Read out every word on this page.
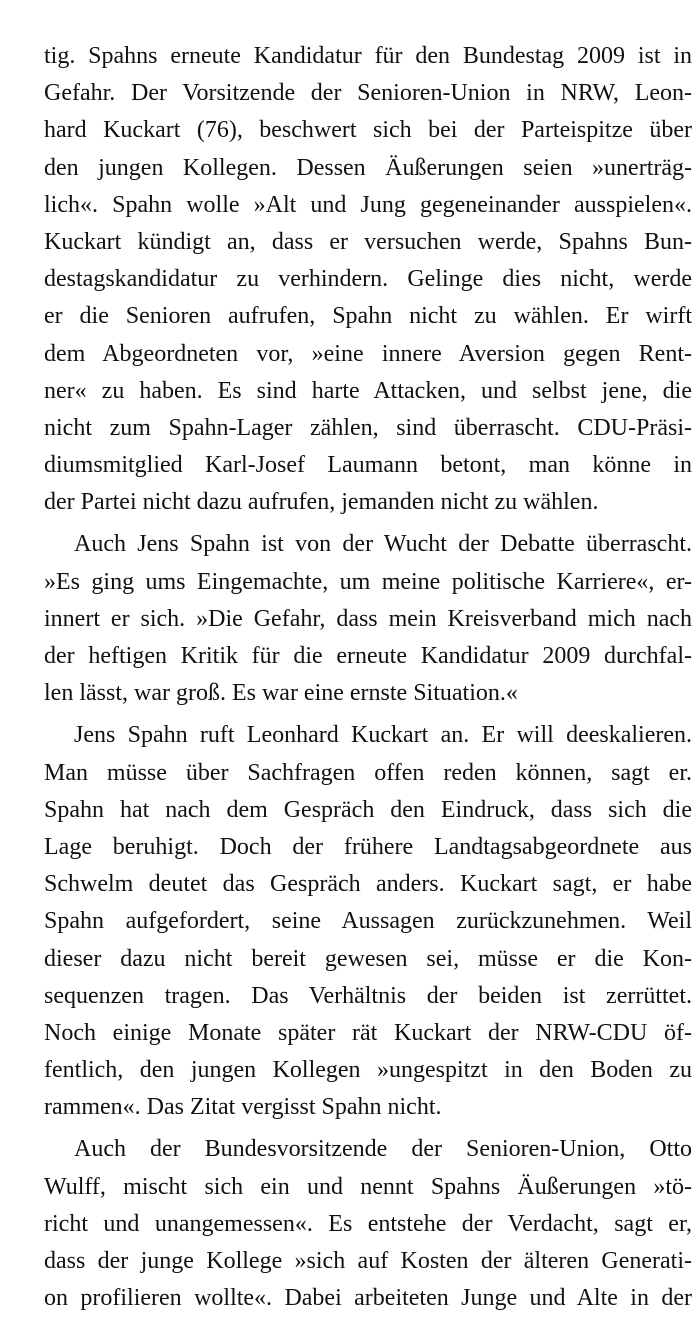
tig. Spahns erneute Kandidatur für den Bundestag 2009 ist in
Gefahr. Der Vorsitzende der Senioren-Union in NRW, Leon-
hard Kuckart (76), beschwert sich bei der Parteispitze über
den jungen Kollegen. Dessen Äußerungen seien »unerträg-
lich«. Spahn wolle »Alt und Jung gegeneinander ausspielen«.
Kuckart kündigt an, dass er versuchen werde, Spahns Bun-
destagskandidatur zu verhindern. Gelinge dies nicht, werde
er die Senioren aufrufen, Spahn nicht zu wählen. Er wirft
dem Abgeordneten vor, »eine innere Aversion gegen Rent-
ner« zu haben. Es sind harte Attacken, und selbst jene, die
nicht zum Spahn-Lager zählen, sind überrascht. CDU-Präsi-
diumsmitglied Karl-Josef Laumann betont, man könne in
der Partei nicht dazu aufrufen, jemanden nicht zu wählen.
Auch Jens Spahn ist von der Wucht der Debatte überrascht.
»Es ging ums Eingemachte, um meine politische Karriere«, er-
innert er sich. »Die Gefahr, dass mein Kreisverband mich nach
der heftigen Kritik für die erneute Kandidatur 2009 durchfal-
len lässt, war groß. Es war eine ernste Situation.«
Jens Spahn ruft Leonhard Kuckart an. Er will deeskalieren.
Man müsse über Sachfragen offen reden können, sagt er.
Spahn hat nach dem Gespräch den Eindruck, dass sich die
Lage beruhigt. Doch der frühere Landtagsabgeordnete aus
Schwelm deutet das Gespräch anders. Kuckart sagt, er habe
Spahn aufgefordert, seine Aussagen zurückzunehmen. Weil
dieser dazu nicht bereit gewesen sei, müsse er die Kon-
sequenzen tragen. Das Verhältnis der beiden ist zerrüttet.
Noch einige Monate später rät Kuckart der NRW-CDU öf-
fentlich, den jungen Kollegen »ungespitzt in den Boden zu
rammen«. Das Zitat vergisst Spahn nicht.
Auch der Bundesvorsitzende der Senioren-Union, Otto
Wulff, mischt sich ein und nennt Spahns Äußerungen »tö-
richt und unangemessen«. Es entstehe der Verdacht, sagt er,
dass der junge Kollege »sich auf Kosten der älteren Generati-
on profilieren wollte«. Dabei arbeiteten Junge und Alte in der
